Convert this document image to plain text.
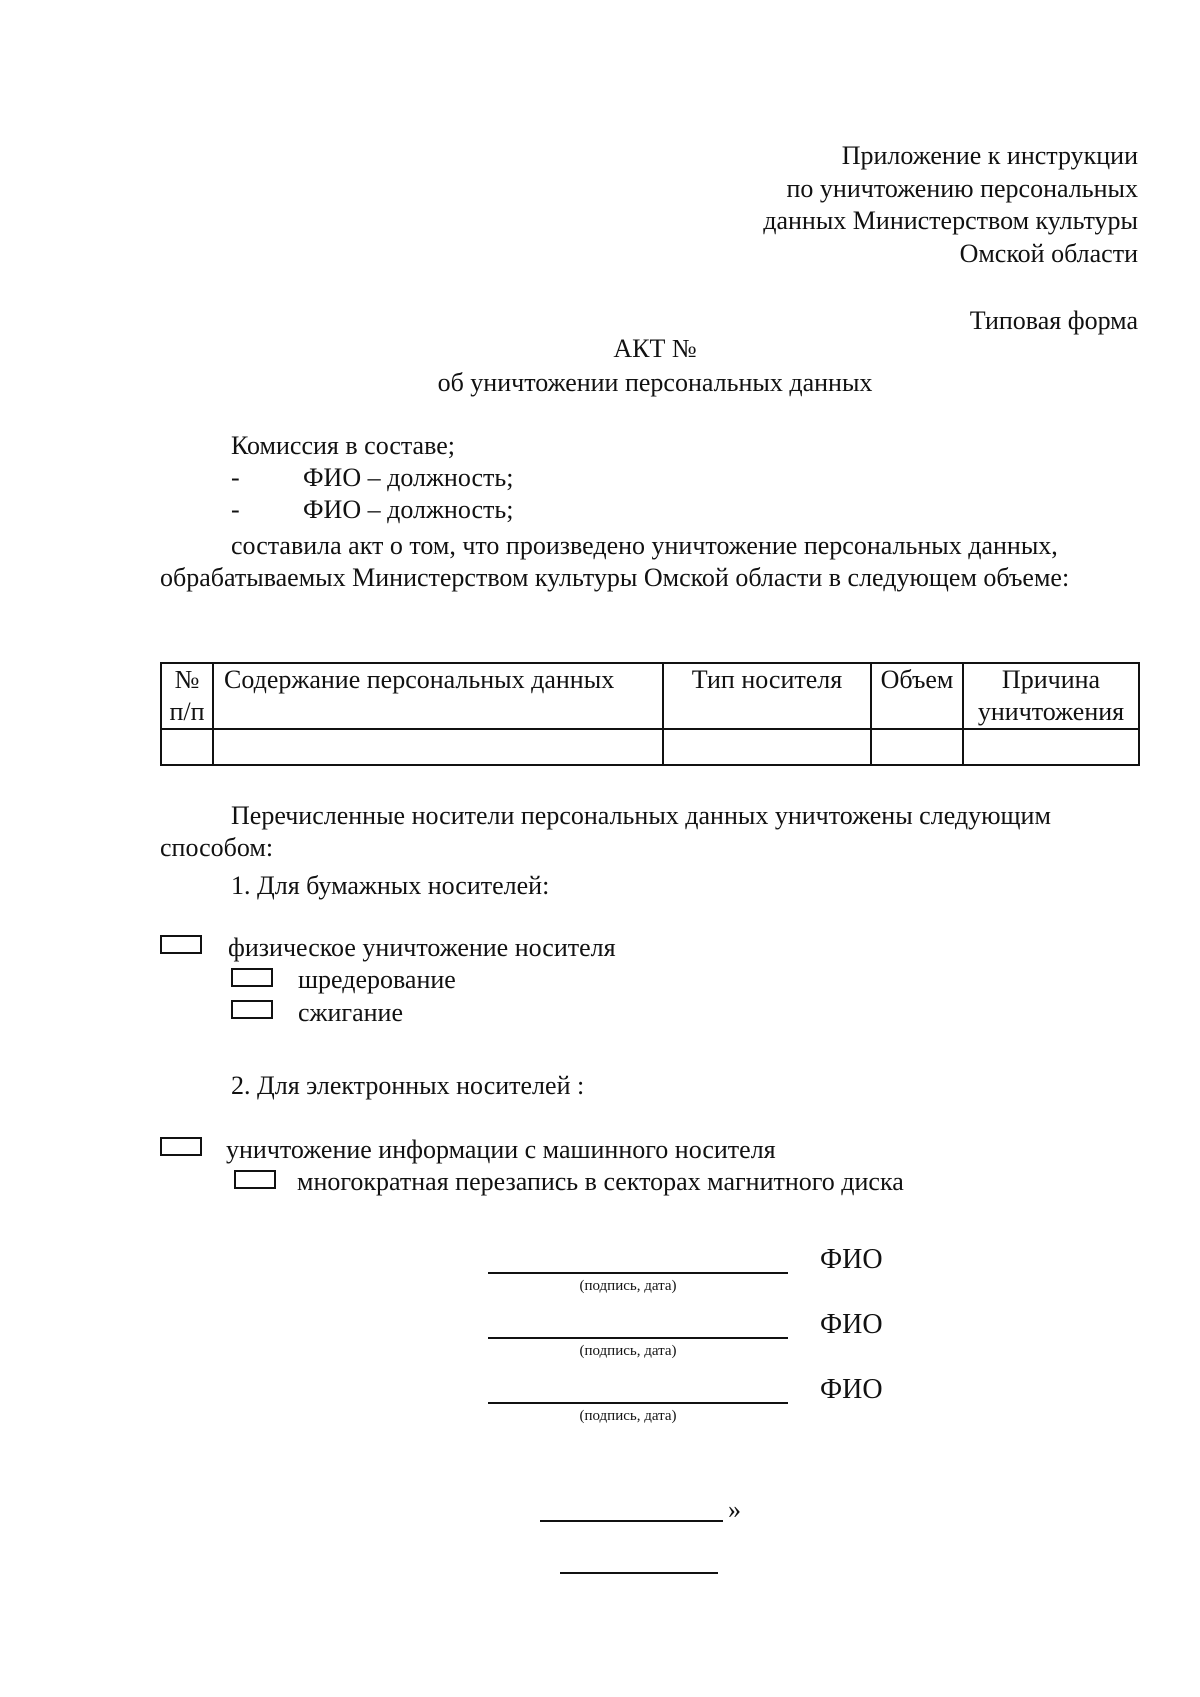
Приложение к инструкции
по уничтожению персональных
данных Министерством культуры
Омской области
Типовая форма
АКТ №
об уничтожении персональных данных
Комиссия в составе;
- ФИО – должность;
- ФИО – должность;
составила акт о том, что произведено уничтожение персональных данных,
обрабатываемых Министерством культуры Омской области в следующем объеме:
№
п/п	Содержание персональных данных	Тип носителя	Объем	Причина уничтожения

Перечисленные носители персональных данных уничтожены следующим
способом:
1. Для бумажных носителей:
физическое уничтожение носителя
шредерование
сжигание
2. Для электронных носителей :
уничтожение информации с машинного носителя
многократная перезапись в секторах магнитного диска
(подпись, дата)
ФИО
(подпись, дата)
ФИО
(подпись, дата)
ФИО
»
